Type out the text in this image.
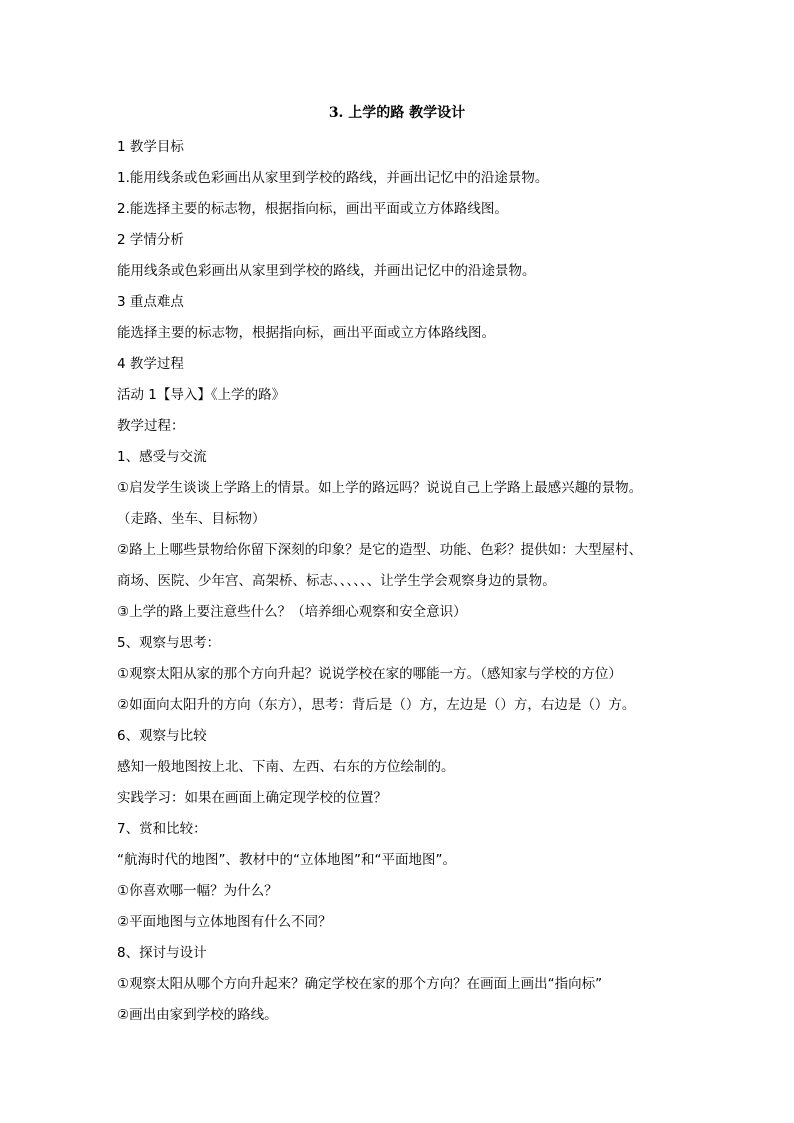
3. 上学的路 教学设计
1 教学目标
1.能用线条或色彩画出从家里到学校的路线，并画出记忆中的沿途景物。
2.能选择主要的标志物，根据指向标，画出平面或立方体路线图。
2 学情分析
能用线条或色彩画出从家里到学校的路线，并画出记忆中的沿途景物。
3 重点难点
能选择主要的标志物，根据指向标，画出平面或立方体路线图。
4 教学过程
活动 1【导入】《上学的路》
教学过程：
1、感受与交流
①启发学生谈谈上学路上的情景。如上学的路远吗？说说自己上学路上最感兴趣的景物。
（走路、坐车、目标物）
②路上上哪些景物给你留下深刻的印象？是它的造型、功能、色彩？提供如：大型屋村、
商场、医院、少年宫、高架桥、标志、、、、、、让学生学会观察身边的景物。
③上学的路上要注意些什么？（培养细心观察和安全意识）
5、观察与思考：
①观察太阳从家的那个方向升起？说说学校在家的哪能一方。（感知家与学校的方位）
②如面向太阳升的方向（东方），思考：背后是（）方，左边是（）方，右边是（）方。
6、观察与比较
感知一般地图按上北、下南、左西、右东的方位绘制的。
实践学习：如果在画面上确定现学校的位置？
7、赏和比较：
“航海时代的地图”、教材中的“立体地图”和“平面地图”。
①你喜欢哪一幅？为什么？
②平面地图与立体地图有什么不同？
8、探讨与设计
①观察太阳从哪个方向升起来？确定学校在家的那个方向？在画面上画出“指向标”
②画出由家到学校的路线。
